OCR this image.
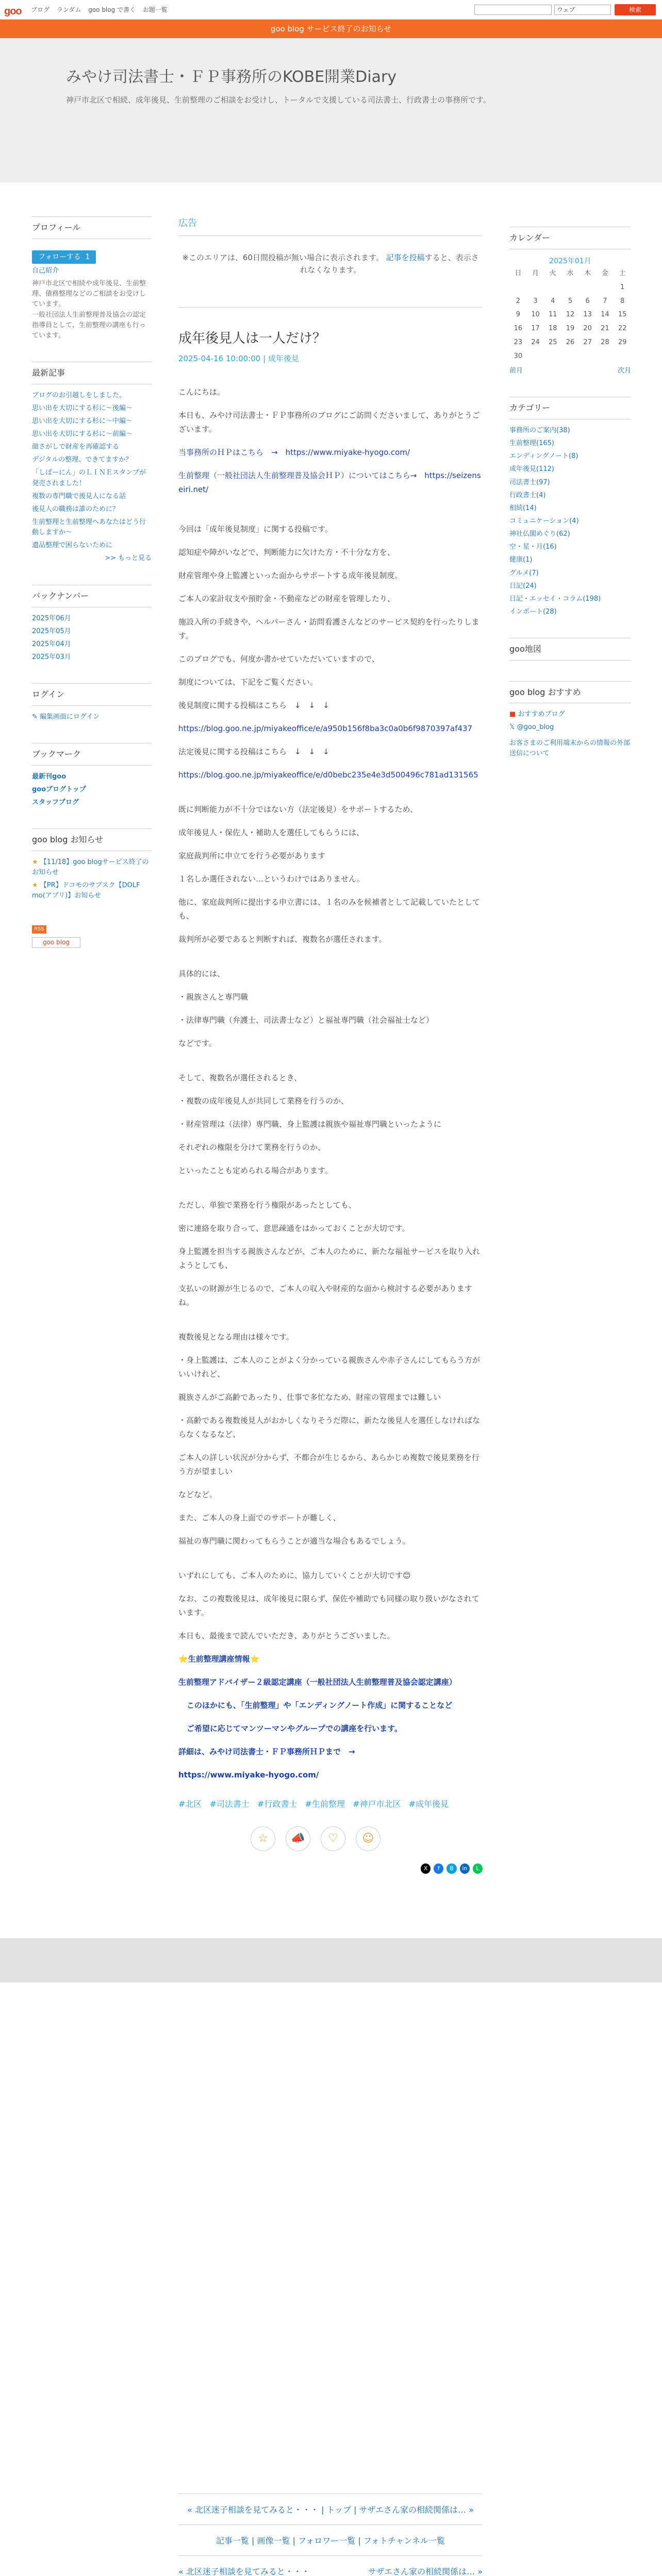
goo ブログ ランダム goo blog で書く お題一覧	ウェブ	検索
goo blog サービス終了のお知らせ
みやけ司法書士・ＦＰ事務所のKOBE開業Diary
神戸市北区で相続、成年後見、生前整理のご相談をお受けし、トータルで支援している司法書士、行政書士の事務所です。
プロフィール
フォローする 1
自己紹介
神戸市北区で相続や成年後見、生前整理、債務整理などのご相談をお受けしています。
一般社団法人生前整理普及協会の認定指導員として、生前整理の講座も行っています。
最新記事
ブログのお引越しをしました。
思い出を大切にする杉に〜後編〜
思い出を大切にする杉に〜中編〜
思い出を大切にする杉に〜前編〜
顔さがしで財産を再確認する
デジタルの整理、できてますか？
「しばーにん」のＬＩＮＥスタンプが発売されました！
複数の専門職で後見人になる話
後見人の職務は誰のために？
生前整理と生前整理へあなたはどう行動しますか〜
遺品整理で困らないために
>> もっと見る
バックナンバー
2025年06月
2025年05月
2025年04月
2025年03月
ログイン
✎ 編集画面にログイン
ブックマーク
最新刊goo
gooブログトップ
スタッフブログ
goo blog お知らせ
★ 【11/18】goo blogサービス終了のお知らせ
★ 【PR】ドコモのサブスク【DOLF mo(アプリ)】お知らせ
RSS
goo blog
広告
※このエリアは、60日間投稿が無い場合に表示されます。 記事を投稿すると、表示されなくなります。
成年後見人は一人だけ？
2025-04-16 10:00:00 | 成年後見
こんにちは。
本日も、みやけ司法書士・ＦＰ事務所のブログにご訪問くださいまして、ありがとうございます。
当事務所のＨＰはこちら　→　https://www.miyake-hyogo.com/
生前整理（一般社団法人生前整理普及協会ＨＰ）についてはこちら→　https://seizenseiri.net/
今回は「成年後見制度」に関する投稿です。
認知症や障がいなどで、判断能力に欠けた方・不十分な方を、
財産管理や身上監護といった面からサポートする成年後見制度。
ご本人の家計収支や預貯金・不動産などの財産を管理したり、
施設入所の手続きや、ヘルパーさん・訪問看護さんなどのサービス契約を行ったりします。
このブログでも、何度か書かせていただいていますので、
制度については、下記をご覧ください。
後見制度に関する投稿はこちら　↓　↓　↓
https://blog.goo.ne.jp/miyakeoffice/e/a950b156f8ba3c0a0b6f9870397af437
法定後見に関する投稿はこちら　↓　↓　↓
https://blog.goo.ne.jp/miyakeoffice/e/d0bebc235e4e3d500496c781ad131565
既に判断能力が不十分ではない方（法定後見）をサポートするため、
成年後見人・保佐人・補助人を選任してもらうには、
家庭裁判所に申立てを行う必要があります
１名しか選任されない…というわけではありません。
他に、家庭裁判所に提出する申立書には、１名のみを候補者として記載していたとしても、
裁判所が必要であると判断すれば、複数名が選任されます。
具体的には、
・親族さんと専門職
・法律専門職（弁護士、司法書士など）と福祉専門職（社会福祉士など）
などです。
そして、複数名が選任されるとき、
・複数の成年後見人が共同して業務を行うのか、
・財産管理は（法律）専門職、身上監護は親族や福祉専門職といったように
それぞれの権限を分けて業務を行うのか、
といったことも定められる場合があります。
ただし、単独で業務を行う権限があったとしても、
密に連絡を取り合って、意思疎通をはかっておくことが大切です。
身上監護を担当する親族さんなどが、ご本人のために、新たな福祉サービスを取り入れようとしても、
支払いの財源が生じるので、ご本人の収入や財産的な面から検討する必要がありますね。
複数後見となる理由は様々です。
・身上監護は、ご本人のことがよく分かっている親族さんや赤子さんにしてもらう方がいいけれど、
親族さんがご高齢であったり、仕事で多忙なため、財産の管理までは難しい
・高齢である複数後見人がおかしくなりそうだ際に、新たな後見人を選任しなければならなくなるなど、
ご本人の詳しい状況が分からず、不都合が生じるから、あらかじめ複数で後見業務を行う方が望ましい
などなど。
また、ご本人の身上面でのサポートが難しく、
福祉の専門職に関わってもらうことが適当な場合もあるでしょう。
いずれにしても、ご本人のために、協力していくことが大切です😊
なお、この複数後見は、成年後見に限らず、保佐や補助でも同様の取り扱いがなされています。
本日も、最後まで読んでいただき、ありがとうございました。
⭐生前整理講座情報⭐
生前整理アドバイザー２級認定講座（一般社団法人生前整理普及協会認定講座）
このほかにも、「生前整理」や「エンディングノート作成」に関することなど
ご希望に応じてマンツーマンやグループでの講座を行います。
詳細は、みやけ司法書士・ＦＰ事務所ＨＰまで　→
https://www.miyake-hyogo.com/
#北区 #司法書士 #行政書士 #生前整理 #神戸市北区 #成年後見
☆ 📣 ♡ ☺
X	f	B	in	L
« 北区迷子相談を見てみると・・・ | トップ | サザエさん家の相続関係は… »
記事一覧 | 画像一覧 | フォロワー一覧 | フォトチャンネル一覧
« 北区迷子相談を見てみると・・・	サザエさん家の相続関係は… »
カレンダー
2025年01月
日	月	火	水	木	金	土
						1
2	3	4	5	6	7	8
9	10	11	12	13	14	15
16	17	18	19	20	21	22
23	24	25	26	27	28	29
30						
前月	次月
カテゴリー
事務所のご案内(38)
生前整理(165)
エンディングノート(8)
成年後見(112)
司法書士(97)
行政書士(4)
相続(14)
コミュニケーション(4)
神社仏閣めぐり(62)
空・星・月(16)
健康(1)
グルメ(7)
日記(24)
日記・エッセイ・コラム(198)
インポート(28)
goo地図
goo blog おすすめ
■ おすすめブログ
𝕏 @goo_blog
お客さまのご利用端末からの情報の外部送信について
